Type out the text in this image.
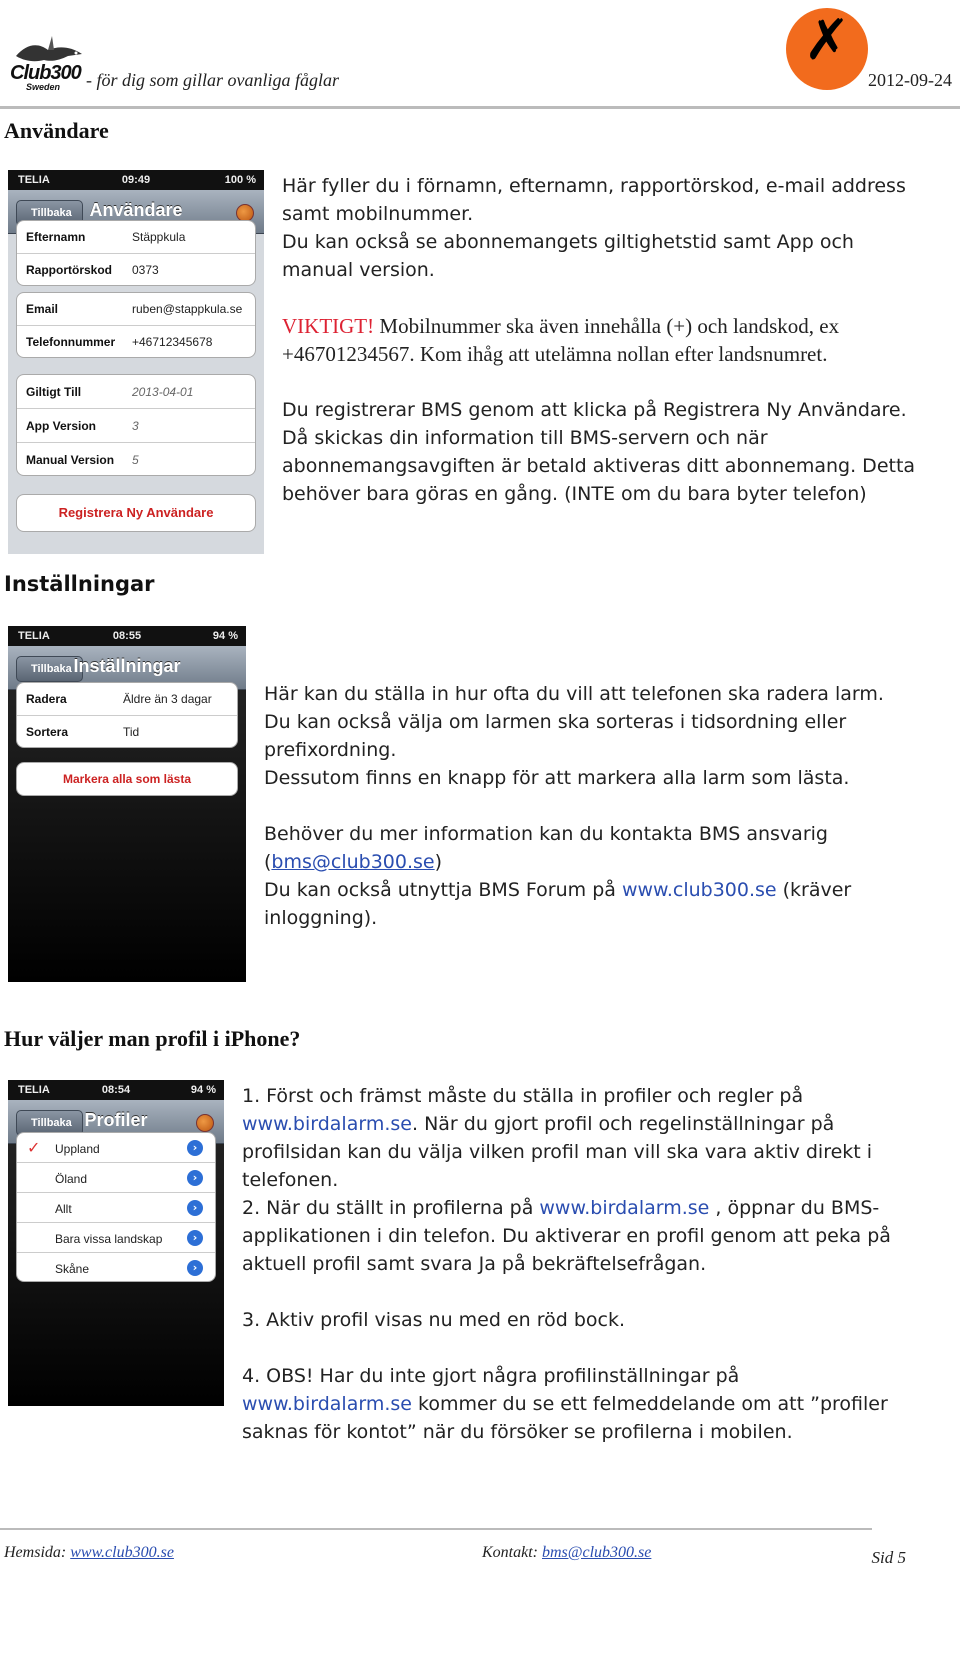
Club300
Sweden - för dig som gillar ovanliga fåglar
✗
2012-09-24
Användare
TELIA	09:49	100 %
Tillbaka Användare
Efternamn	Stäppkula
Rapportörskod 0373
Email	ruben@stappkula.se
Telefonnummer +46712345678
Giltigt Till	2013-04-01
App Version	3
Manual Version 5
Registrera Ny Användare

Här fyller du i förnamn, efternamn, rapportörskod, e-mail address samt mobilnummer.

Du kan också se abonnemangets giltighetstid samt App och manual version.

VIKTIGT! Mobilnummer ska även innehålla (+) och landskod, ex +46701234567. Kom ihåg att utelämna nollan efter landsnumret.

Du registrerar BMS genom att klicka på Registrera Ny Användare. Då skickas din information till BMS-servern och när abonnemangsavgiften är betald aktiveras ditt abonnemang. Detta behöver bara göras en gång. (INTE om du bara byter telefon)

Inställningar
TELIA	08:55	94 %
Tillbaka Inställningar
Radera	Äldre än 3 dagar
Sortera	Tid
Markera alla som lästa

Här kan du ställa in hur ofta du vill att telefonen ska radera larm.

Du kan också välja om larmen ska sorteras i tidsordning eller prefixordning.

Dessutom finns en knapp för att markera alla larm som lästa.

Behöver du mer information kan du kontakta BMS ansvarig (bms@club300.se)

Du kan också utnyttja BMS Forum på www.club300.se (kräver inloggning).

Hur väljer man profil i iPhone?
TELIA	08:54	94 %
Tillbaka Profiler
✓ Uppland	›
Öland	›
Allt	›
Bara vissa landskap	›
Skåne	›

1. Först och främst måste du ställa in profiler och regler på www.birdalarm.se. När du gjort profil och regelinställningar på profilsidan kan du välja vilken profil man vill ska vara aktiv direkt i telefonen.

2. När du ställt in profilerna på www.birdalarm.se , öppnar du BMS-applikationen i din telefon. Du aktiverar en profil genom att peka på aktuell profil samt svara Ja på bekräftelsefrågan.

3. Aktiv profil visas nu med en röd bock.

4. OBS! Har du inte gjort några profilinställningar på www.birdalarm.se kommer du se ett felmeddelande om att ”profiler saknas för kontot” när du försöker se profilerna i mobilen.

Hemsida: www.club300.se	Kontakt: bms@club300.se	Sid 5
